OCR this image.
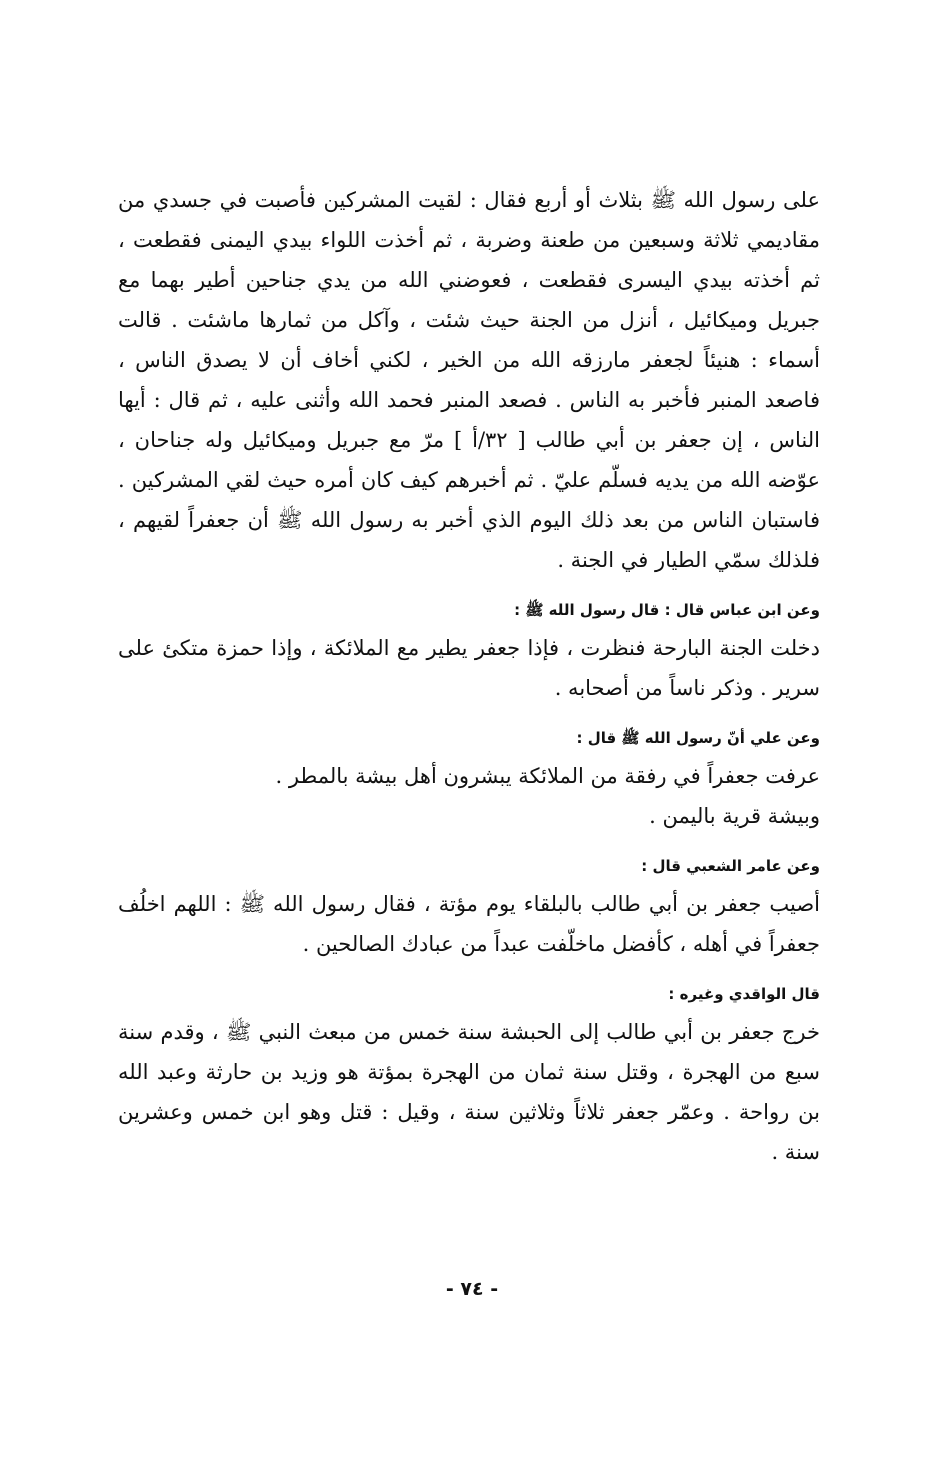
على رسول الله ﷺ بثلاث أو أربع فقال : لقيت المشركين فأصبت في جسدي من مقاديمي ثلاثة وسبعين من طعنة وضربة ، ثم أخذت اللواء بيدي اليمنى فقطعت ، ثم أخذته بيدي اليسرى فقطعت ، فعوضني الله من يدي جناحين أطير بهما مع جبريل وميكائيل ، أنزل من الجنة حيث شئت ، وآكل من ثمارها ماشئت . قالت أسماء : هنيئاً لجعفر مارزقه الله من الخير ، لكني أخاف أن لا يصدق الناس ، فاصعد المنبر فأخبر به الناس . فصعد المنبر فحمد الله وأثنى عليه ، ثم قال : أيها الناس ، إن جعفر بن أبي طالب [ ٣٢/أ ] مرّ مع جبريل وميكائيل وله جناحان ، عوّضه الله من يديه فسلّم عليّ . ثم أخبرهم كيف كان أمره حيث لقي المشركين . فاستبان الناس من بعد ذلك اليوم الذي أخبر به رسول الله ﷺ أن جعفراً لقيهم ، فلذلك سمّي الطيار في الجنة .

وعن ابن عباس قال : قال رسول الله ﷺ :

دخلت الجنة البارحة فنظرت ، فإذا جعفر يطير مع الملائكة ، وإذا حمزة متكئ على سرير . وذكر ناساً من أصحابه .

وعن علي أنّ رسول الله ﷺ قال :

عرفت جعفراً في رفقة من الملائكة يبشرون أهل بيشة بالمطر .

وبيشة قرية باليمن .

وعن عامر الشعبي قال :

أصيب جعفر بن أبي طالب بالبلقاء يوم مؤتة ، فقال رسول الله ﷺ : اللهم اخلُف جعفراً في أهله ، كأفضل ماخلّفت عبداً من عبادك الصالحين .

قال الواقدي وغيره :

خرج جعفر بن أبي طالب إلى الحبشة سنة خمس من مبعث النبي ﷺ ، وقدم سنة سبع من الهجرة ، وقتل سنة ثمان من الهجرة بمؤتة هو وزيد بن حارثة وعبد الله بن رواحة . وعمّر جعفر ثلاثاً وثلاثين سنة ، وقيل : قتل وهو ابن خمس وعشرين سنة .

- ٧٤ -
